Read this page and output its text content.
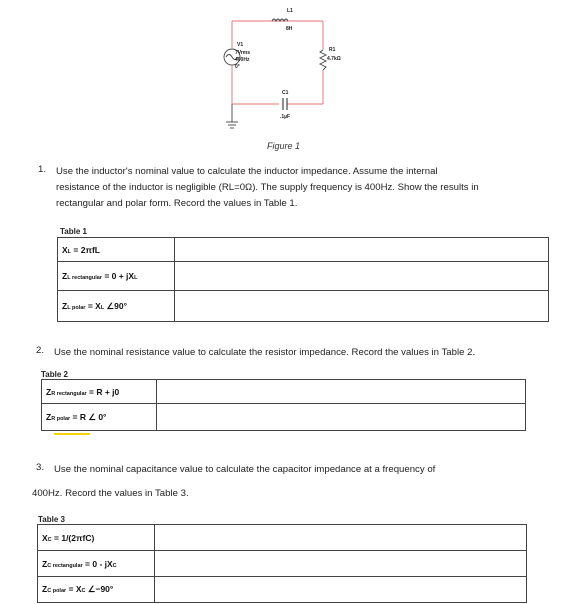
L1
8H
V1
7Vrms
400Hz
0°
R1
4.7kΩ
C1
.1µF
Figure 1
1. Use the inductor's nominal value to calculate the inductor impedance. Assume the internal
resistance of the inductor is negligible (RL=0Ω). The supply frequency is 400Hz. Show the results in
rectangular and polar form. Record the values in Table 1.
Table 1
XL = 2πfL	
ZL rectangular = 0 + jXL	
ZL polar = XL ∠90°	
2. Use the nominal resistance value to calculate the resistor impedance. Record the values in Table 2.
Table 2
ZR rectangular = R + j0	
ZR polar = R ∠ 0°	
3. Use the nominal capacitance value to calculate the capacitor impedance at a frequency of
400Hz. Record the values in Table 3.
Table 3
XC = 1/(2πfC)	
ZC rectangular = 0 - jXC	
ZC polar = XC ∠−90°	
